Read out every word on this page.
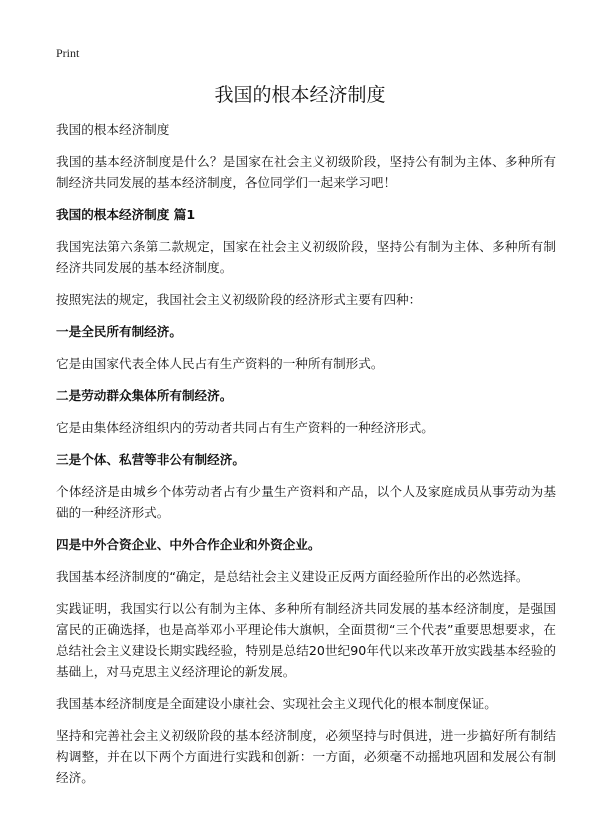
Print
我国的根本经济制度

我国的根本经济制度

我国的基本经济制度是什么？是国家在社会主义初级阶段，坚持公有制为主体、多种所有制经济共同发展的基本经济制度，各位同学们一起来学习吧！

我国的根本经济制度 篇1

我国宪法第六条第二款规定，国家在社会主义初级阶段，坚持公有制为主体、多种所有制经济共同发展的基本经济制度。

按照宪法的规定，我国社会主义初级阶段的经济形式主要有四种：

一是全民所有制经济。

它是由国家代表全体人民占有生产资料的一种所有制形式。

二是劳动群众集体所有制经济。

它是由集体经济组织内的劳动者共同占有生产资料的一种经济形式。

三是个体、私营等非公有制经济。

个体经济是由城乡个体劳动者占有少量生产资料和产品，以个人及家庭成员从事劳动为基础的一种经济形式。

四是中外合资企业、中外合作企业和外资企业。

我国基本经济制度的“确定，是总结社会主义建设正反两方面经验所作出的必然选择。

实践证明，我国实行以公有制为主体、多种所有制经济共同发展的基本经济制度，是强国富民的正确选择，也是高举邓小平理论伟大旗帜，全面贯彻“三个代表”重要思想要求，在总结社会主义建设长期实践经验，特别是总结20世纪90年代以来改革开放实践基本经验的基础上，对马克思主义经济理论的新发展。

我国基本经济制度是全面建设小康社会、实现社会主义现代化的根本制度保证。

坚持和完善社会主义初级阶段的基本经济制度，必须坚持与时俱进，进一步搞好所有制结构调整，并在以下两个方面进行实践和创新：一方面，必须毫不动摇地巩固和发展公有制经济。
